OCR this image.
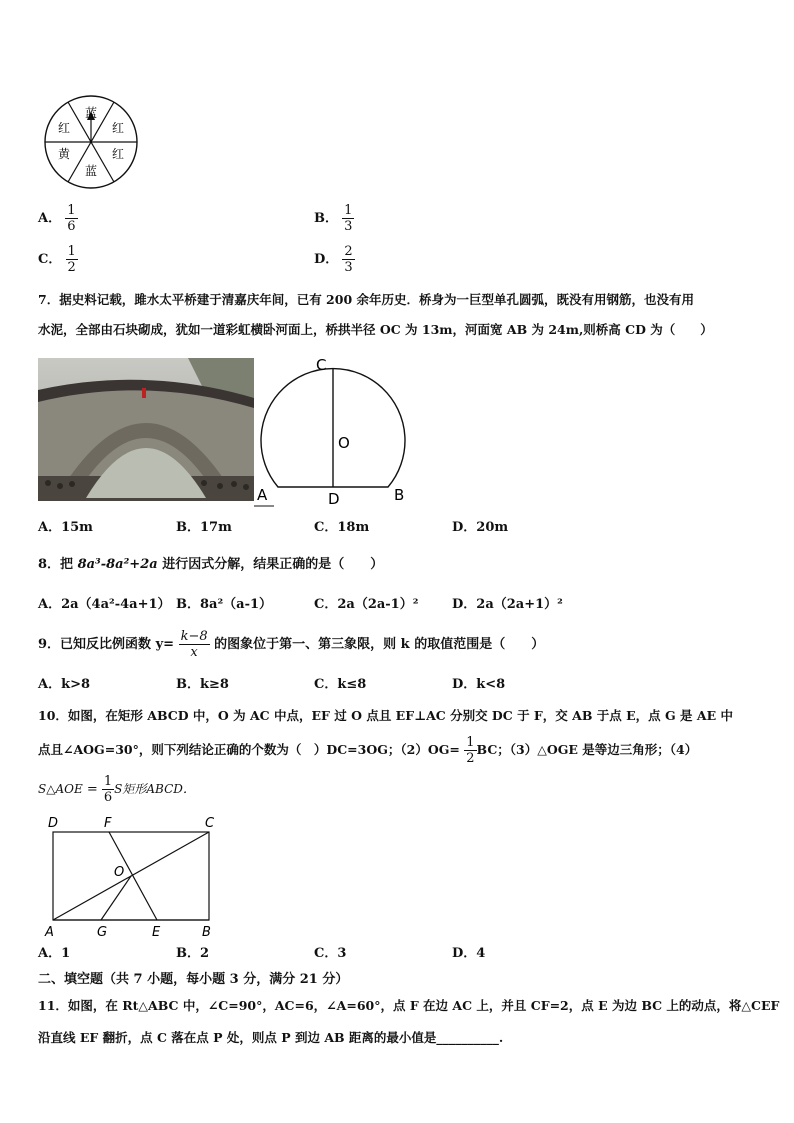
蓝
红
红
蓝
黄
红
A． $\frac{1}{6}$	B． $\frac{1}{3}$
C． $\frac{1}{2}$	D． $\frac{2}{3}$
7．据史料记载，雎水太平桥建于清嘉庆年间，已有 200 余年历史．桥身为一巨型单孔圆弧，既没有用钢筋，也没有用
水泥，全部由石块砌成，犹如一道彩虹横卧河面上，桥拱半径 OC 为 13m，河面宽 AB 为 24m,则桥高 CD 为（　　）
C
O
A	D	B
A．15m	B．17m	C．18m	D．20m
8．把 8a³-8a²+2a 进行因式分解，结果正确的是（　　）
A．2a（4a²-4a+1） B．8a²（a-1）	C．2a（2a-1）²	D．2a（2a+1）²
9．已知反比例函数 $y= \frac{k-8}{x}$ 的图象位于第一、第三象限，则 k 的取值范围是（　　）
A．k>8	B．k≥8	C．k≤8	D．k<8
10．如图，在矩形 ABCD 中，O 为 AC 中点，EF 过 O 点且 EF⊥AC 分别交 DC 于 F，交 AB 于点 E，点 G 是 AE 中
点且∠AOG=30°，则下列结论正确的个数为（　）DC=3OG；$(2)OG= \frac{1}{2}$ BC；（3）△OGE 是等边三角形；（4）
S△AOE = $\frac{1}{6}$ S矩形ABCD．
D	F	C
O
A	G	E	B
A．1	B．2	C．3	D．4
二、填空题（共 7 小题，每小题 3 分，满分 21 分）
11．如图，在 Rt△ABC 中，∠C=90°，AC=6，∠A=60°，点 F 在边 AC 上，并且 CF=2，点 E 为边 BC 上的动点，将△CEF
沿直线 EF 翻折，点 C 落在点 P 处，则点 P 到边 AB 距离的最小值是__________.
